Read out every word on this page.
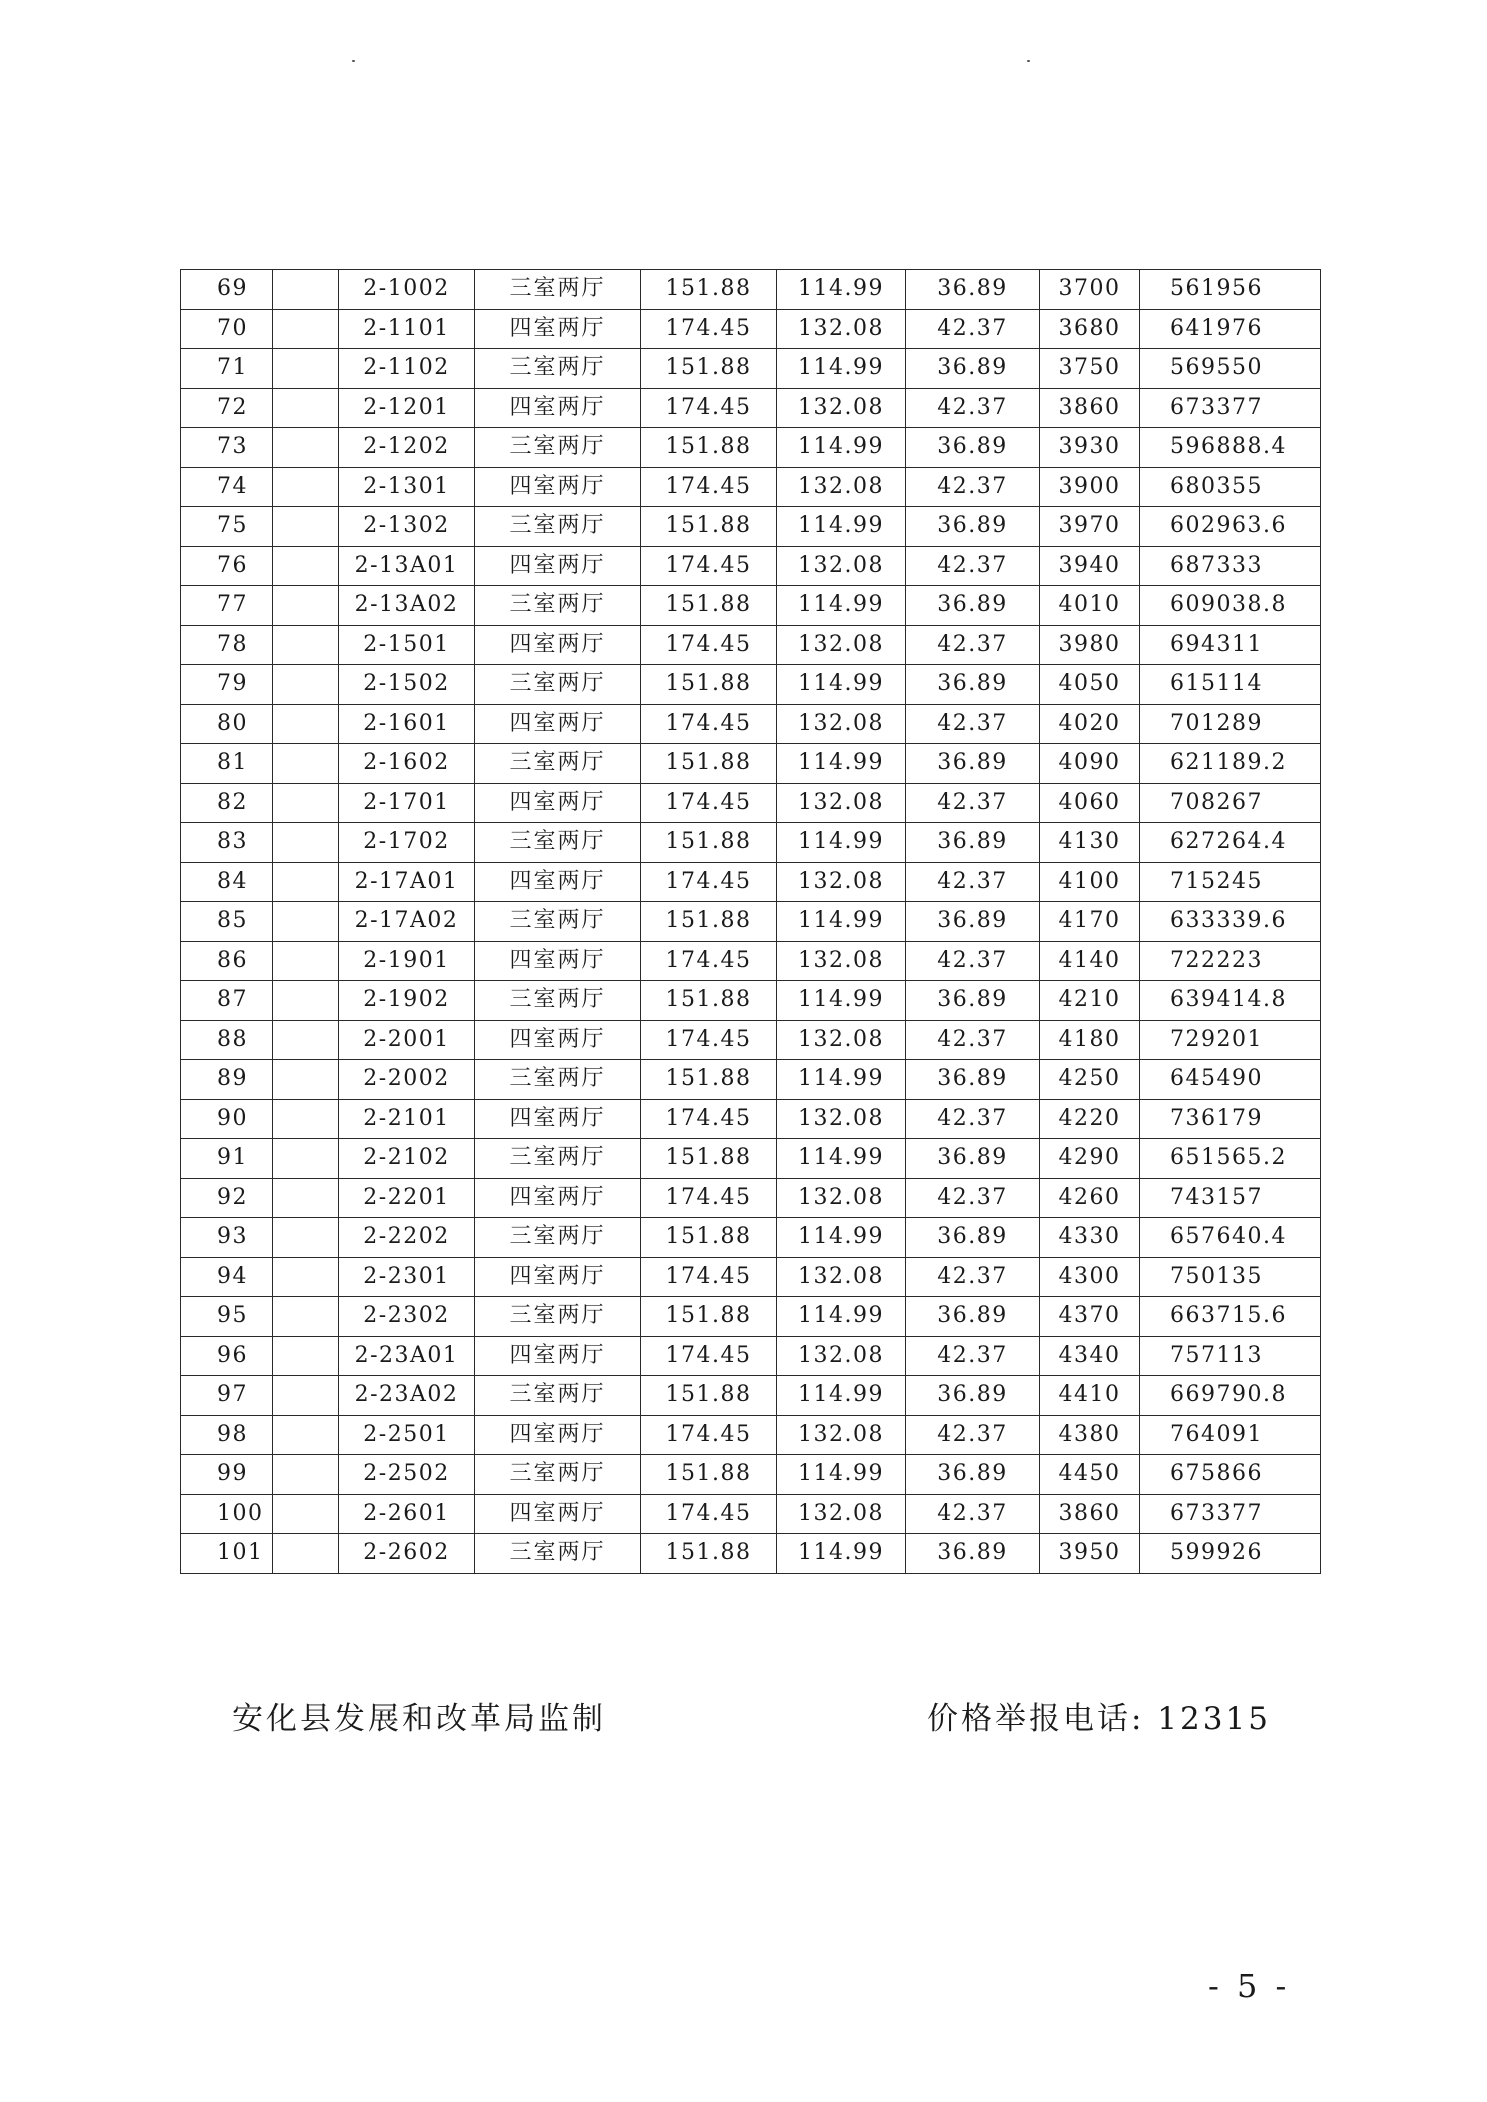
69		2-1002	三室两厅	151.88	114.99	36.89	3700	561956
70		2-1101	四室两厅	174.45	132.08	42.37	3680	641976
71		2-1102	三室两厅	151.88	114.99	36.89	3750	569550
72		2-1201	四室两厅	174.45	132.08	42.37	3860	673377
73		2-1202	三室两厅	151.88	114.99	36.89	3930	596888.4
74		2-1301	四室两厅	174.45	132.08	42.37	3900	680355
75		2-1302	三室两厅	151.88	114.99	36.89	3970	602963.6
76		2-13A01	四室两厅	174.45	132.08	42.37	3940	687333
77		2-13A02	三室两厅	151.88	114.99	36.89	4010	609038.8
78		2-1501	四室两厅	174.45	132.08	42.37	3980	694311
79		2-1502	三室两厅	151.88	114.99	36.89	4050	615114
80		2-1601	四室两厅	174.45	132.08	42.37	4020	701289
81		2-1602	三室两厅	151.88	114.99	36.89	4090	621189.2
82		2-1701	四室两厅	174.45	132.08	42.37	4060	708267
83		2-1702	三室两厅	151.88	114.99	36.89	4130	627264.4
84		2-17A01	四室两厅	174.45	132.08	42.37	4100	715245
85		2-17A02	三室两厅	151.88	114.99	36.89	4170	633339.6
86		2-1901	四室两厅	174.45	132.08	42.37	4140	722223
87		2-1902	三室两厅	151.88	114.99	36.89	4210	639414.8
88		2-2001	四室两厅	174.45	132.08	42.37	4180	729201
89		2-2002	三室两厅	151.88	114.99	36.89	4250	645490
90		2-2101	四室两厅	174.45	132.08	42.37	4220	736179
91		2-2102	三室两厅	151.88	114.99	36.89	4290	651565.2
92		2-2201	四室两厅	174.45	132.08	42.37	4260	743157
93		2-2202	三室两厅	151.88	114.99	36.89	4330	657640.4
94		2-2301	四室两厅	174.45	132.08	42.37	4300	750135
95		2-2302	三室两厅	151.88	114.99	36.89	4370	663715.6
96		2-23A01	四室两厅	174.45	132.08	42.37	4340	757113
97		2-23A02	三室两厅	151.88	114.99	36.89	4410	669790.8
98		2-2501	四室两厅	174.45	132.08	42.37	4380	764091
99		2-2502	三室两厅	151.88	114.99	36.89	4450	675866
100		2-2601	四室两厅	174.45	132.08	42.37	3860	673377
101		2-2602	三室两厅	151.88	114.99	36.89	3950	599926
安化县发展和改革局监制	价格举报电话: 12315
- 5 -
